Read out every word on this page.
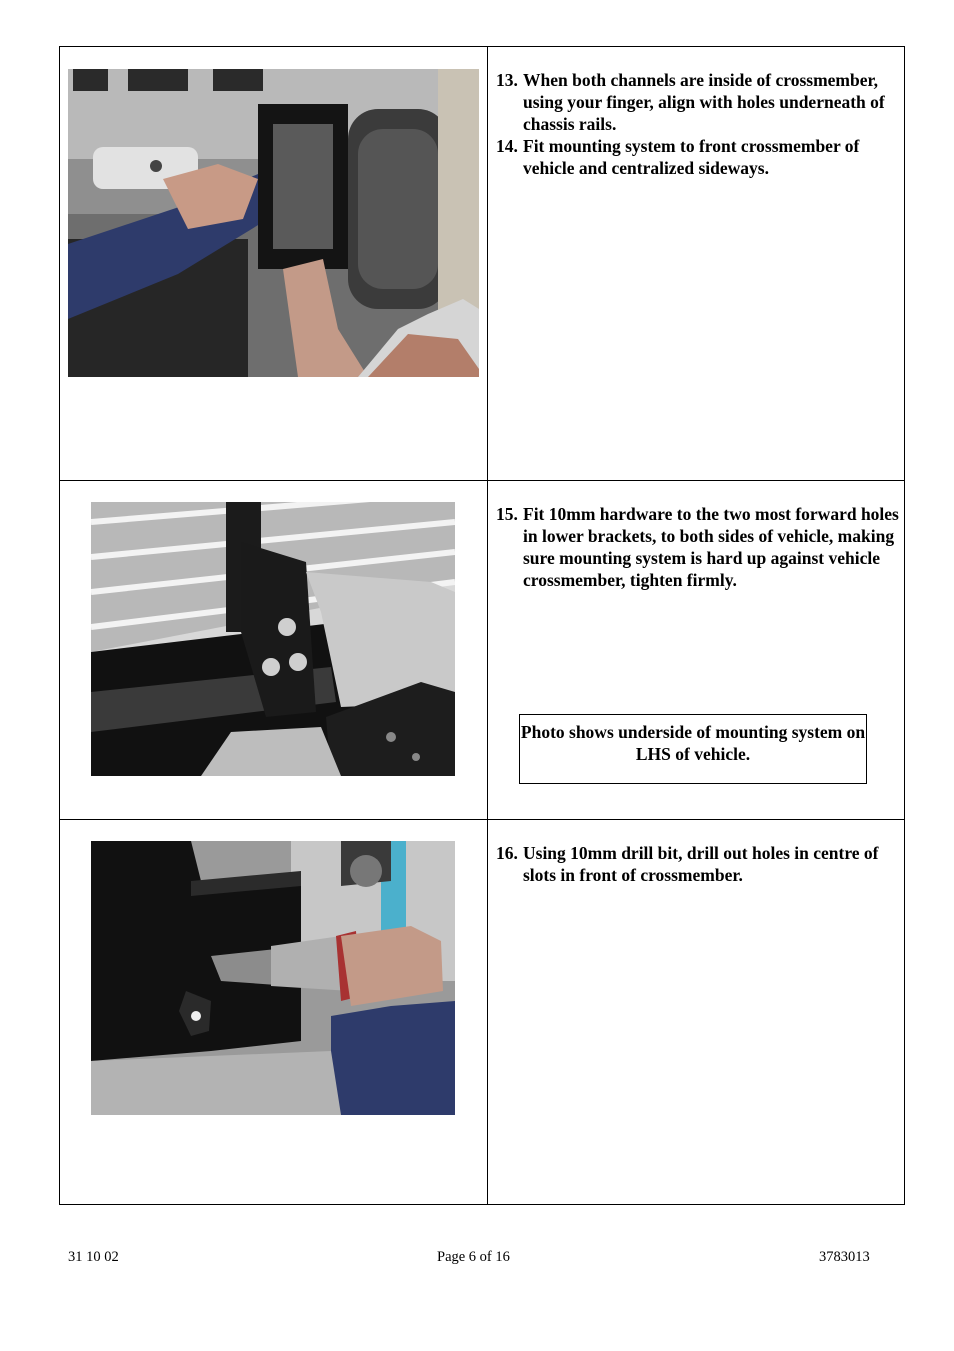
13. When both channels are inside of crossmember, using your finger, align with holes underneath of chassis rails.
14. Fit mounting system to front crossmember of vehicle and centralized sideways.
15. Fit 10mm hardware to the two most forward holes in lower brackets, to both sides of vehicle, making sure mounting system is hard up against vehicle crossmember, tighten firmly.
Photo shows underside of mounting system on LHS of vehicle.
16. Using 10mm drill bit, drill out holes in centre of slots in front of crossmember.
31 10 02	Page 6 of 16	3783013
